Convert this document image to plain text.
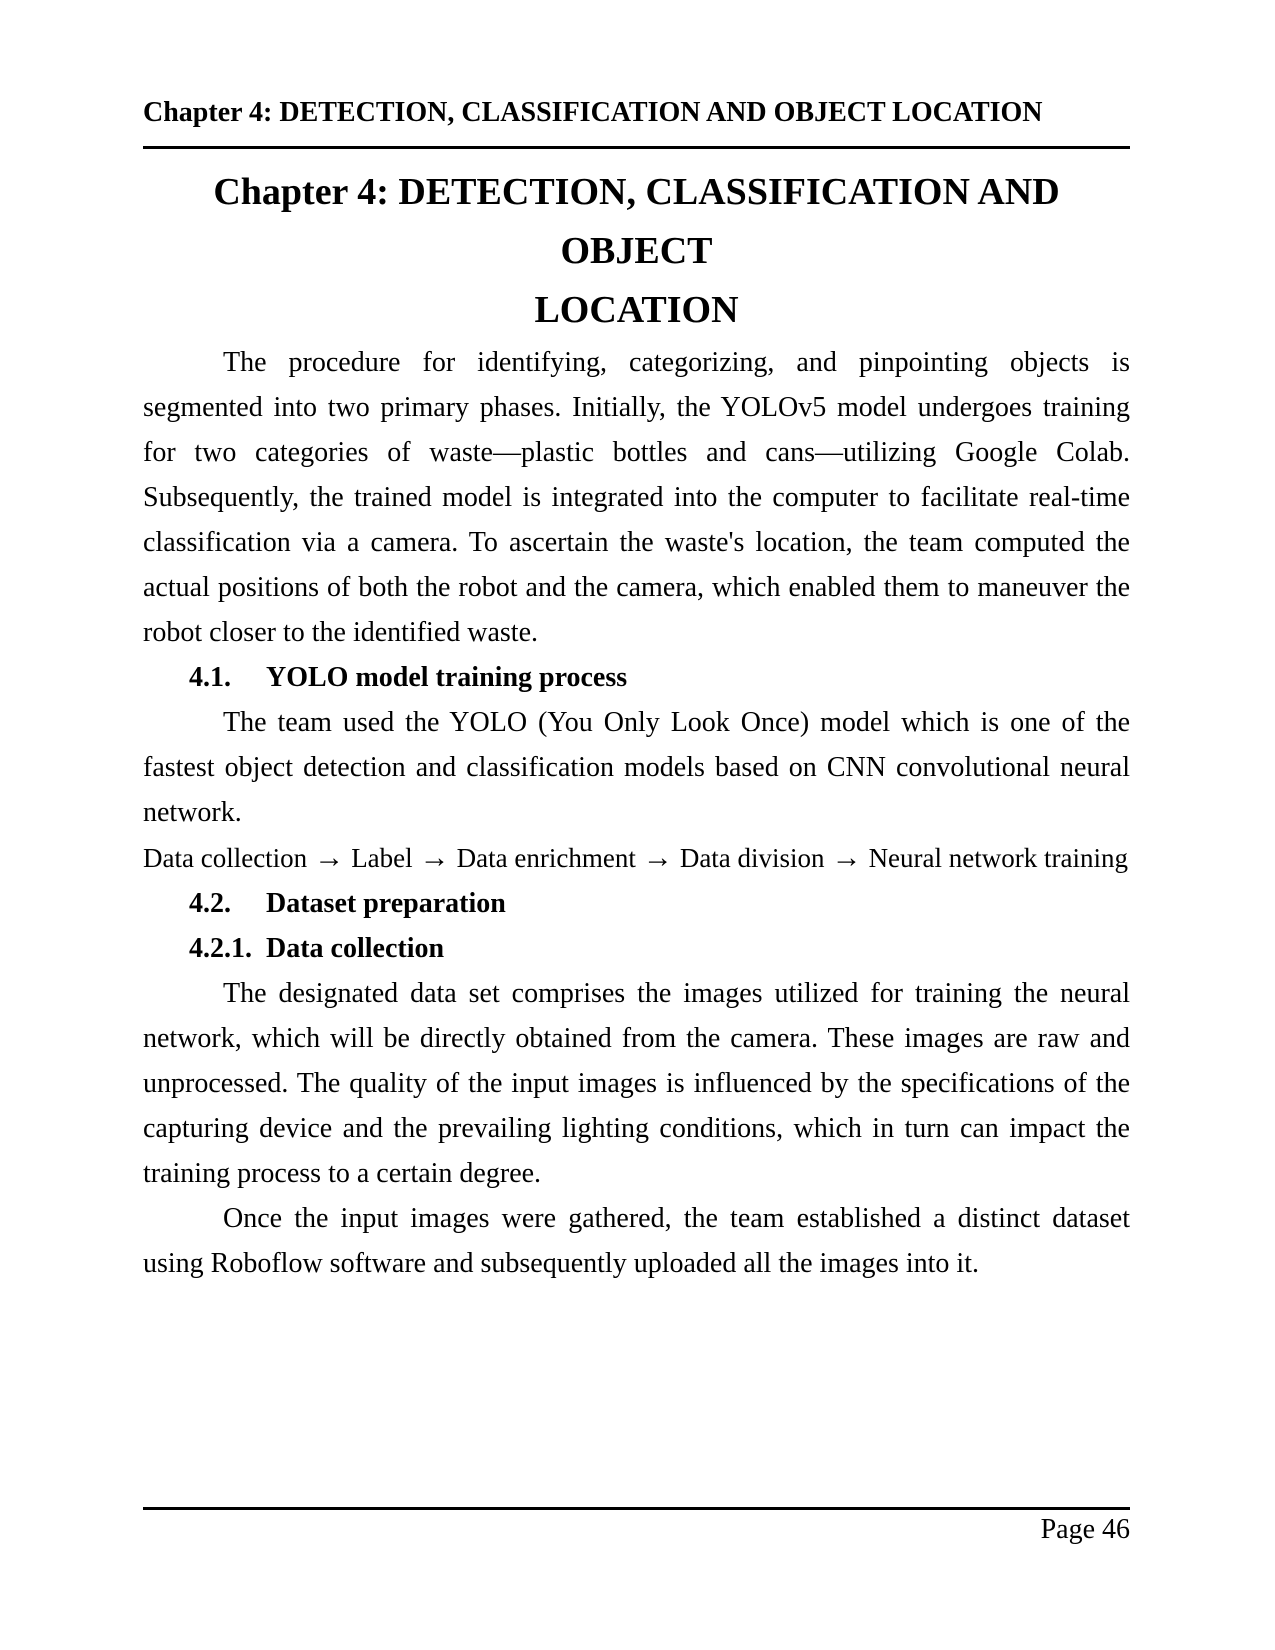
Chapter 4: DETECTION, CLASSIFICATION AND OBJECT LOCATION
Chapter 4: DETECTION, CLASSIFICATION AND OBJECT
LOCATION

The procedure for identifying, categorizing, and pinpointing objects is segmented into two primary phases. Initially, the YOLOv5 model undergoes training for two categories of waste—plastic bottles and cans—utilizing Google Colab. Subsequently, the trained model is integrated into the computer to facilitate real-time classification via a camera. To ascertain the waste's location, the team computed the actual positions of both the robot and the camera, which enabled them to maneuver the robot closer to the identified waste.

4.1. YOLO model training process

The team used the YOLO (You Only Look Once) model which is one of the fastest object detection and classification models based on CNN convolutional neural network.

Data collection → Label → Data enrichment → Data division → Neural network training

4.2. Dataset preparation
4.2.1. Data collection

The designated data set comprises the images utilized for training the neural network, which will be directly obtained from the camera. These images are raw and unprocessed. The quality of the input images is influenced by the specifications of the capturing device and the prevailing lighting conditions, which in turn can impact the training process to a certain degree.

Once the input images were gathered, the team established a distinct dataset using Roboflow software and subsequently uploaded all the images into it.

Page 46
